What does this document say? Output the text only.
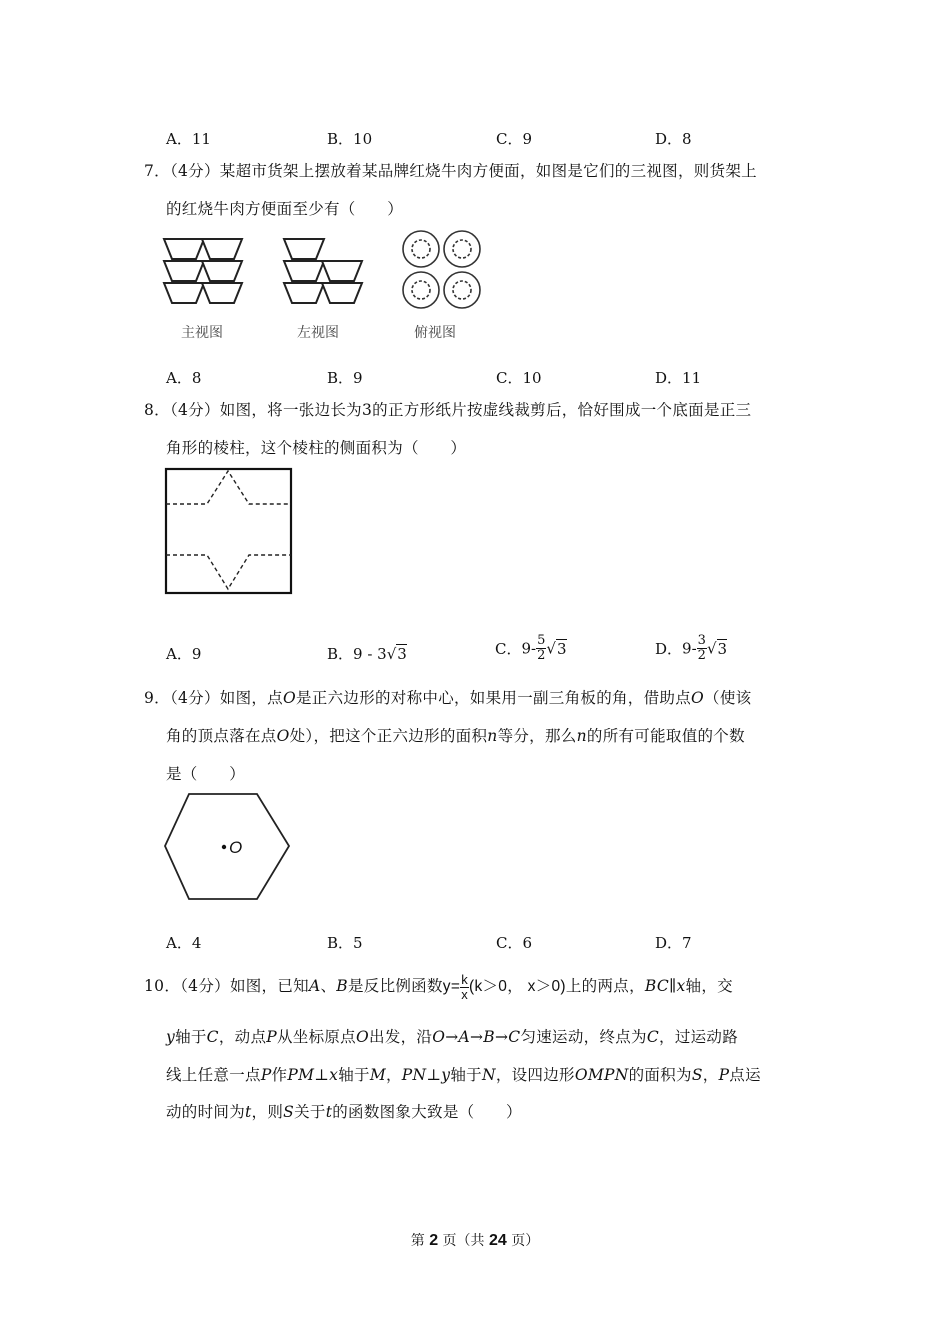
A．11	B．10	C．9	D．8
7．（4分）某超市货架上摆放着某品牌红烧牛肉方便面，如图是它们的三视图，则货架上
的红烧牛肉方便面至少有（　　）
主视图	左视图	俯视图
A．8	B．9	C．10	D．11
8．（4分）如图，将一张边长为3的正方形纸片按虚线裁剪后，恰好围成一个底面是正三
角形的棱柱，这个棱柱的侧面积为（　　）
A．9	B．9 - 3√3	C．$9- \frac{5}{2} √3$	D．$9- \frac{3}{2} √3$
9．（4分）如图，点O是正六边形的对称中心，如果用一副三角板的角，借助点O（使该
角的顶点落在点O处），把这个正六边形的面积n等分，那么n的所有可能取值的个数
是（　　）
O
A．4	B．5	C．6	D．7
10．（4分）如图，已知A、B是反比例函数$y= \frac{k}{x} (k>0$， x＞0)上的两点，BC∥x轴，交
y轴于C，动点P从坐标原点O出发，沿O→A→B→C匀速运动，终点为C，过运动路
线上任意一点P作PM⊥x轴于M，PN⊥y轴于N，设四边形OMPN的面积为S，P点运
动的时间为t，则S关于t的函数图象大致是（　　）
第 2 页（共 24 页）
